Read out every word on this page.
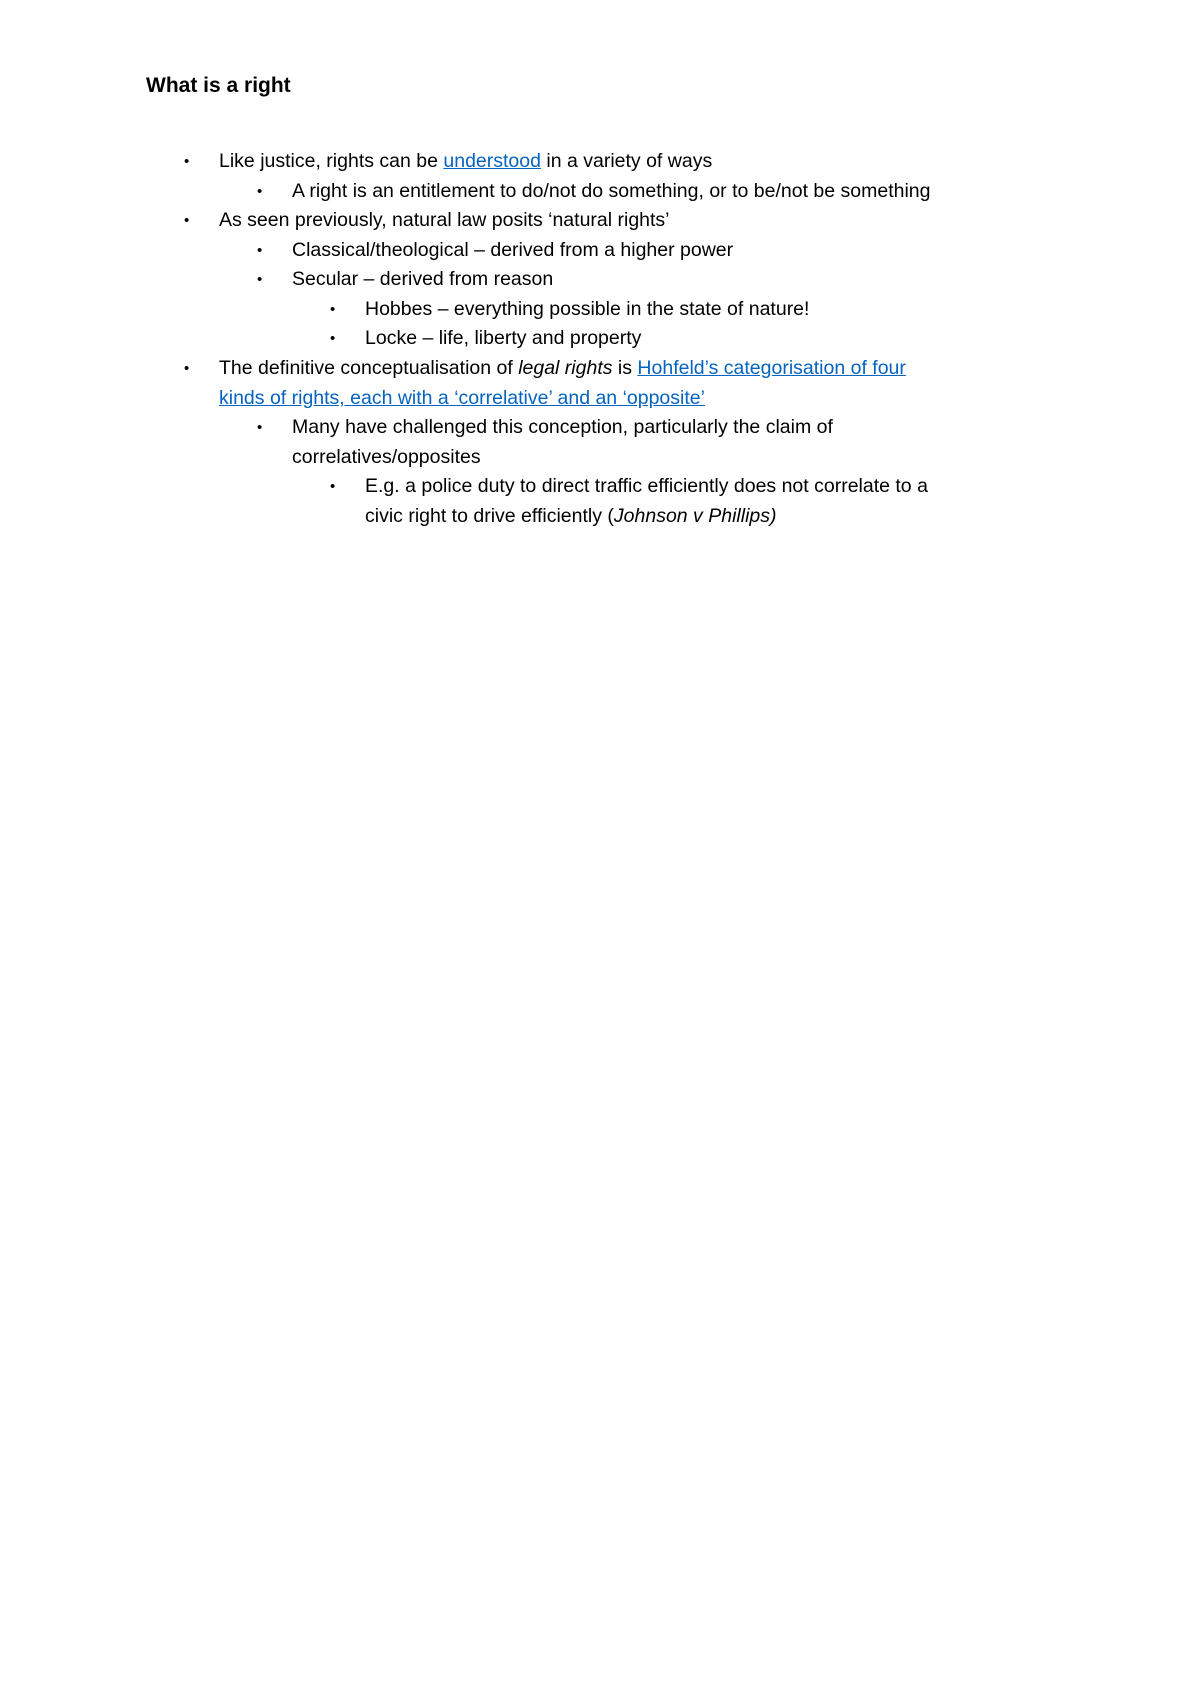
What is a right
• Like justice, rights can be understood in a variety of ways
• A right is an entitlement to do/not do something, or to be/not be something
• As seen previously, natural law posits ‘natural rights’
• Classical/theological – derived from a higher power
• Secular – derived from reason
• Hobbes – everything possible in the state of nature!
• Locke – life, liberty and property
• The definitive conceptualisation of legal rights is Hohfeld’s categorisation of four
kinds of rights, each with a ‘correlative’ and an ‘opposite’
• Many have challenged this conception, particularly the claim of
correlatives/opposites
• E.g. a police duty to direct traffic efficiently does not correlate to a
civic right to drive efficiently (Johnson v Phillips)
